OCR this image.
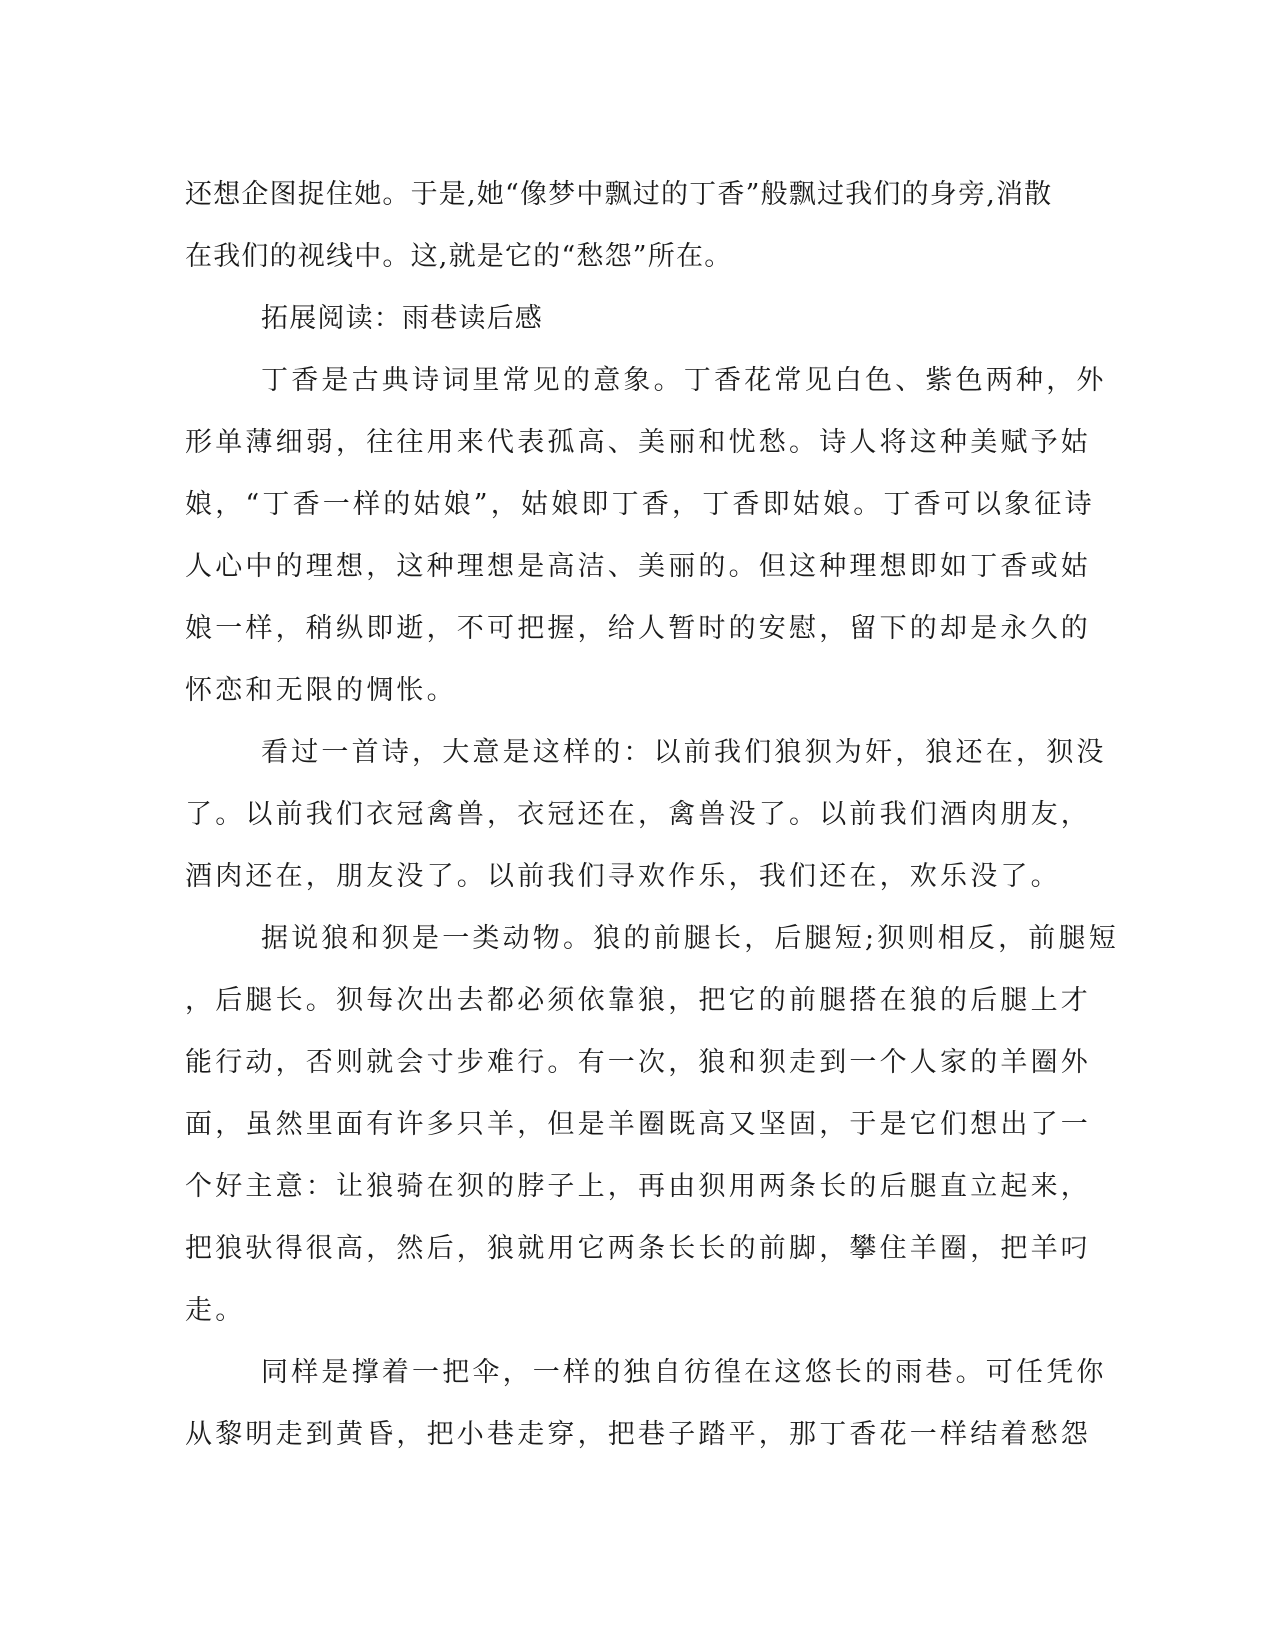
还想企图捉住她。于是,她“像梦中飘过的丁香”般飘过我们的身旁,消散
在我们的视线中。这,就是它的“愁怨”所在。
拓展阅读：雨巷读后感
丁香是古典诗词里常见的意象。丁香花常见白色、紫色两种，外
形单薄细弱，往往用来代表孤高、美丽和忧愁。诗人将这种美赋予姑
娘，“丁香一样的姑娘”，姑娘即丁香，丁香即姑娘。丁香可以象征诗
人心中的理想，这种理想是高洁、美丽的。但这种理想即如丁香或姑
娘一样，稍纵即逝，不可把握，给人暂时的安慰，留下的却是永久的
怀恋和无限的惆怅。
看过一首诗，大意是这样的：以前我们狼狈为奸，狼还在，狈没
了。以前我们衣冠禽兽，衣冠还在，禽兽没了。以前我们酒肉朋友，
酒肉还在，朋友没了。以前我们寻欢作乐，我们还在，欢乐没了。
据说狼和狈是一类动物。狼的前腿长，后腿短;狈则相反，前腿短
，后腿长。狈每次出去都必须依靠狼，把它的前腿搭在狼的后腿上才
能行动，否则就会寸步难行。有一次，狼和狈走到一个人家的羊圈外
面，虽然里面有许多只羊，但是羊圈既高又坚固，于是它们想出了一
个好主意：让狼骑在狈的脖子上，再由狈用两条长的后腿直立起来，
把狼驮得很高，然后，狼就用它两条长长的前脚，攀住羊圈，把羊叼
走。
同样是撑着一把伞，一样的独自彷徨在这悠长的雨巷。可任凭你
从黎明走到黄昏，把小巷走穿，把巷子踏平，那丁香花一样结着愁怨
